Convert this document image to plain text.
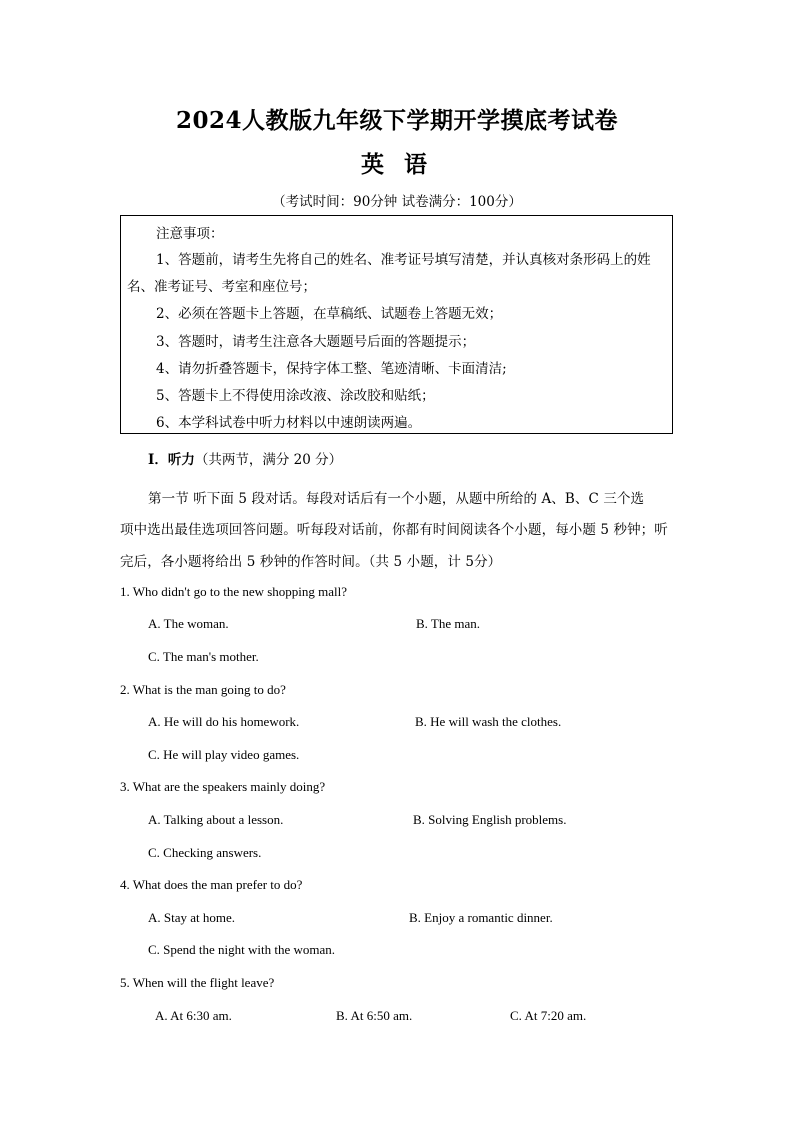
2024人教版九年级下学期开学摸底考试卷
英 语
（考试时间：90分钟 试卷满分：100分）
注意事项：
1、答题前，请考生先将自己的姓名、准考证号填写清楚，并认真核对条形码上的姓
名、准考证号、考室和座位号；
2、必须在答题卡上答题，在草稿纸、试题卷上答题无效；
3、答题时，请考生注意各大题题号后面的答题提示；
4、请勿折叠答题卡，保持字体工整、笔迹清晰、卡面清洁;
5、答题卡上不得使用涂改液、涂改胶和贴纸；
6、本学科试卷中听力材料以中速朗读两遍。
I．听力（共两节，满分 20 分）
第一节 听下面 5 段对话。每段对话后有一个小题，从题中所给的 A、B、C 三个选
项中选出最佳选项回答问题。听每段对话前，你都有时间阅读各个小题，每小题 5 秒钟；听
完后，各小题将给出 5 秒钟的作答时间。（共 5 小题，计 5分）
1. Who didn't go to the new shopping mall?
A. The woman.	B. The man.
C. The man's mother.
2. What is the man going to do?
A. He will do his homework.	B. He will wash the clothes.
C. He will play video games.
3. What are the speakers mainly doing?
A. Talking about a lesson.	B. Solving English problems.
C. Checking answers.
4. What does the man prefer to do?
A. Stay at home.	B. Enjoy a romantic dinner.
C. Spend the night with the woman.
5. When will the flight leave?
A. At 6:30 am.	B. At 6:50 am.	C. At 7:20 am.
